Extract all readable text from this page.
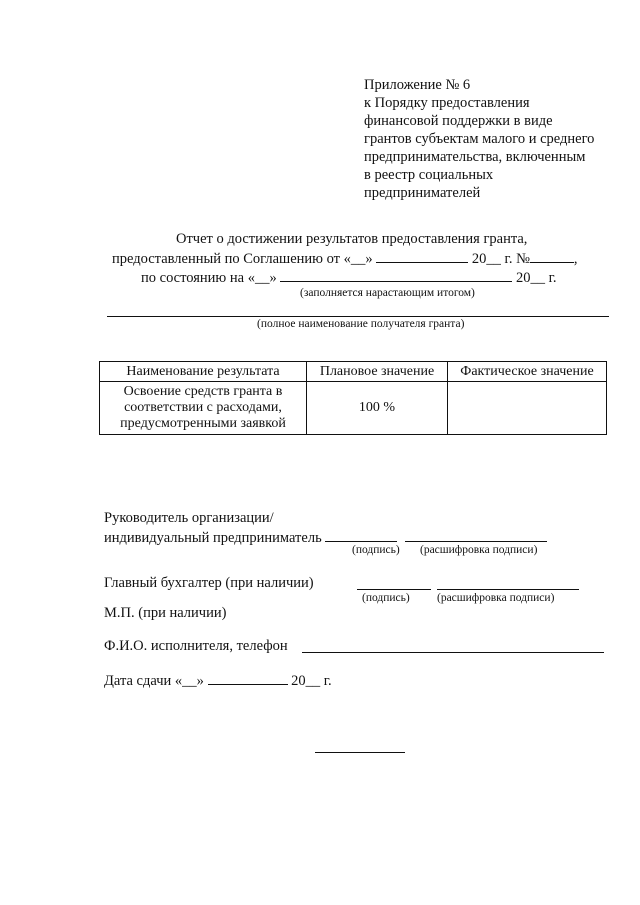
Приложение № 6
к Порядку предоставления
финансовой поддержки в виде
грантов субъектам малого и среднего
предпринимательства, включенным
в реестр социальных
предпринимателей
Отчет о достижении результатов предоставления гранта,
предоставленный по Соглашению от «__»	20__ г. №	,
по состоянию на «__»	20__ г.
(заполняется нарастающим итогом)
(полное наименование получателя гранта)
Наименование результата	Плановое значение	Фактическое значение

Освоение средств гранта в
соответствии с расходами,
предусмотренными заявкой	100 %	
Руководитель организации/
индивидуальный предприниматель
(подпись) (расшифровка подписи)
Главный бухгалтер (при наличии)
(подпись) (расшифровка подписи)
М.П. (при наличии)
Ф.И.О. исполнителя, телефон
Дата сдачи «__»	20__ г.
